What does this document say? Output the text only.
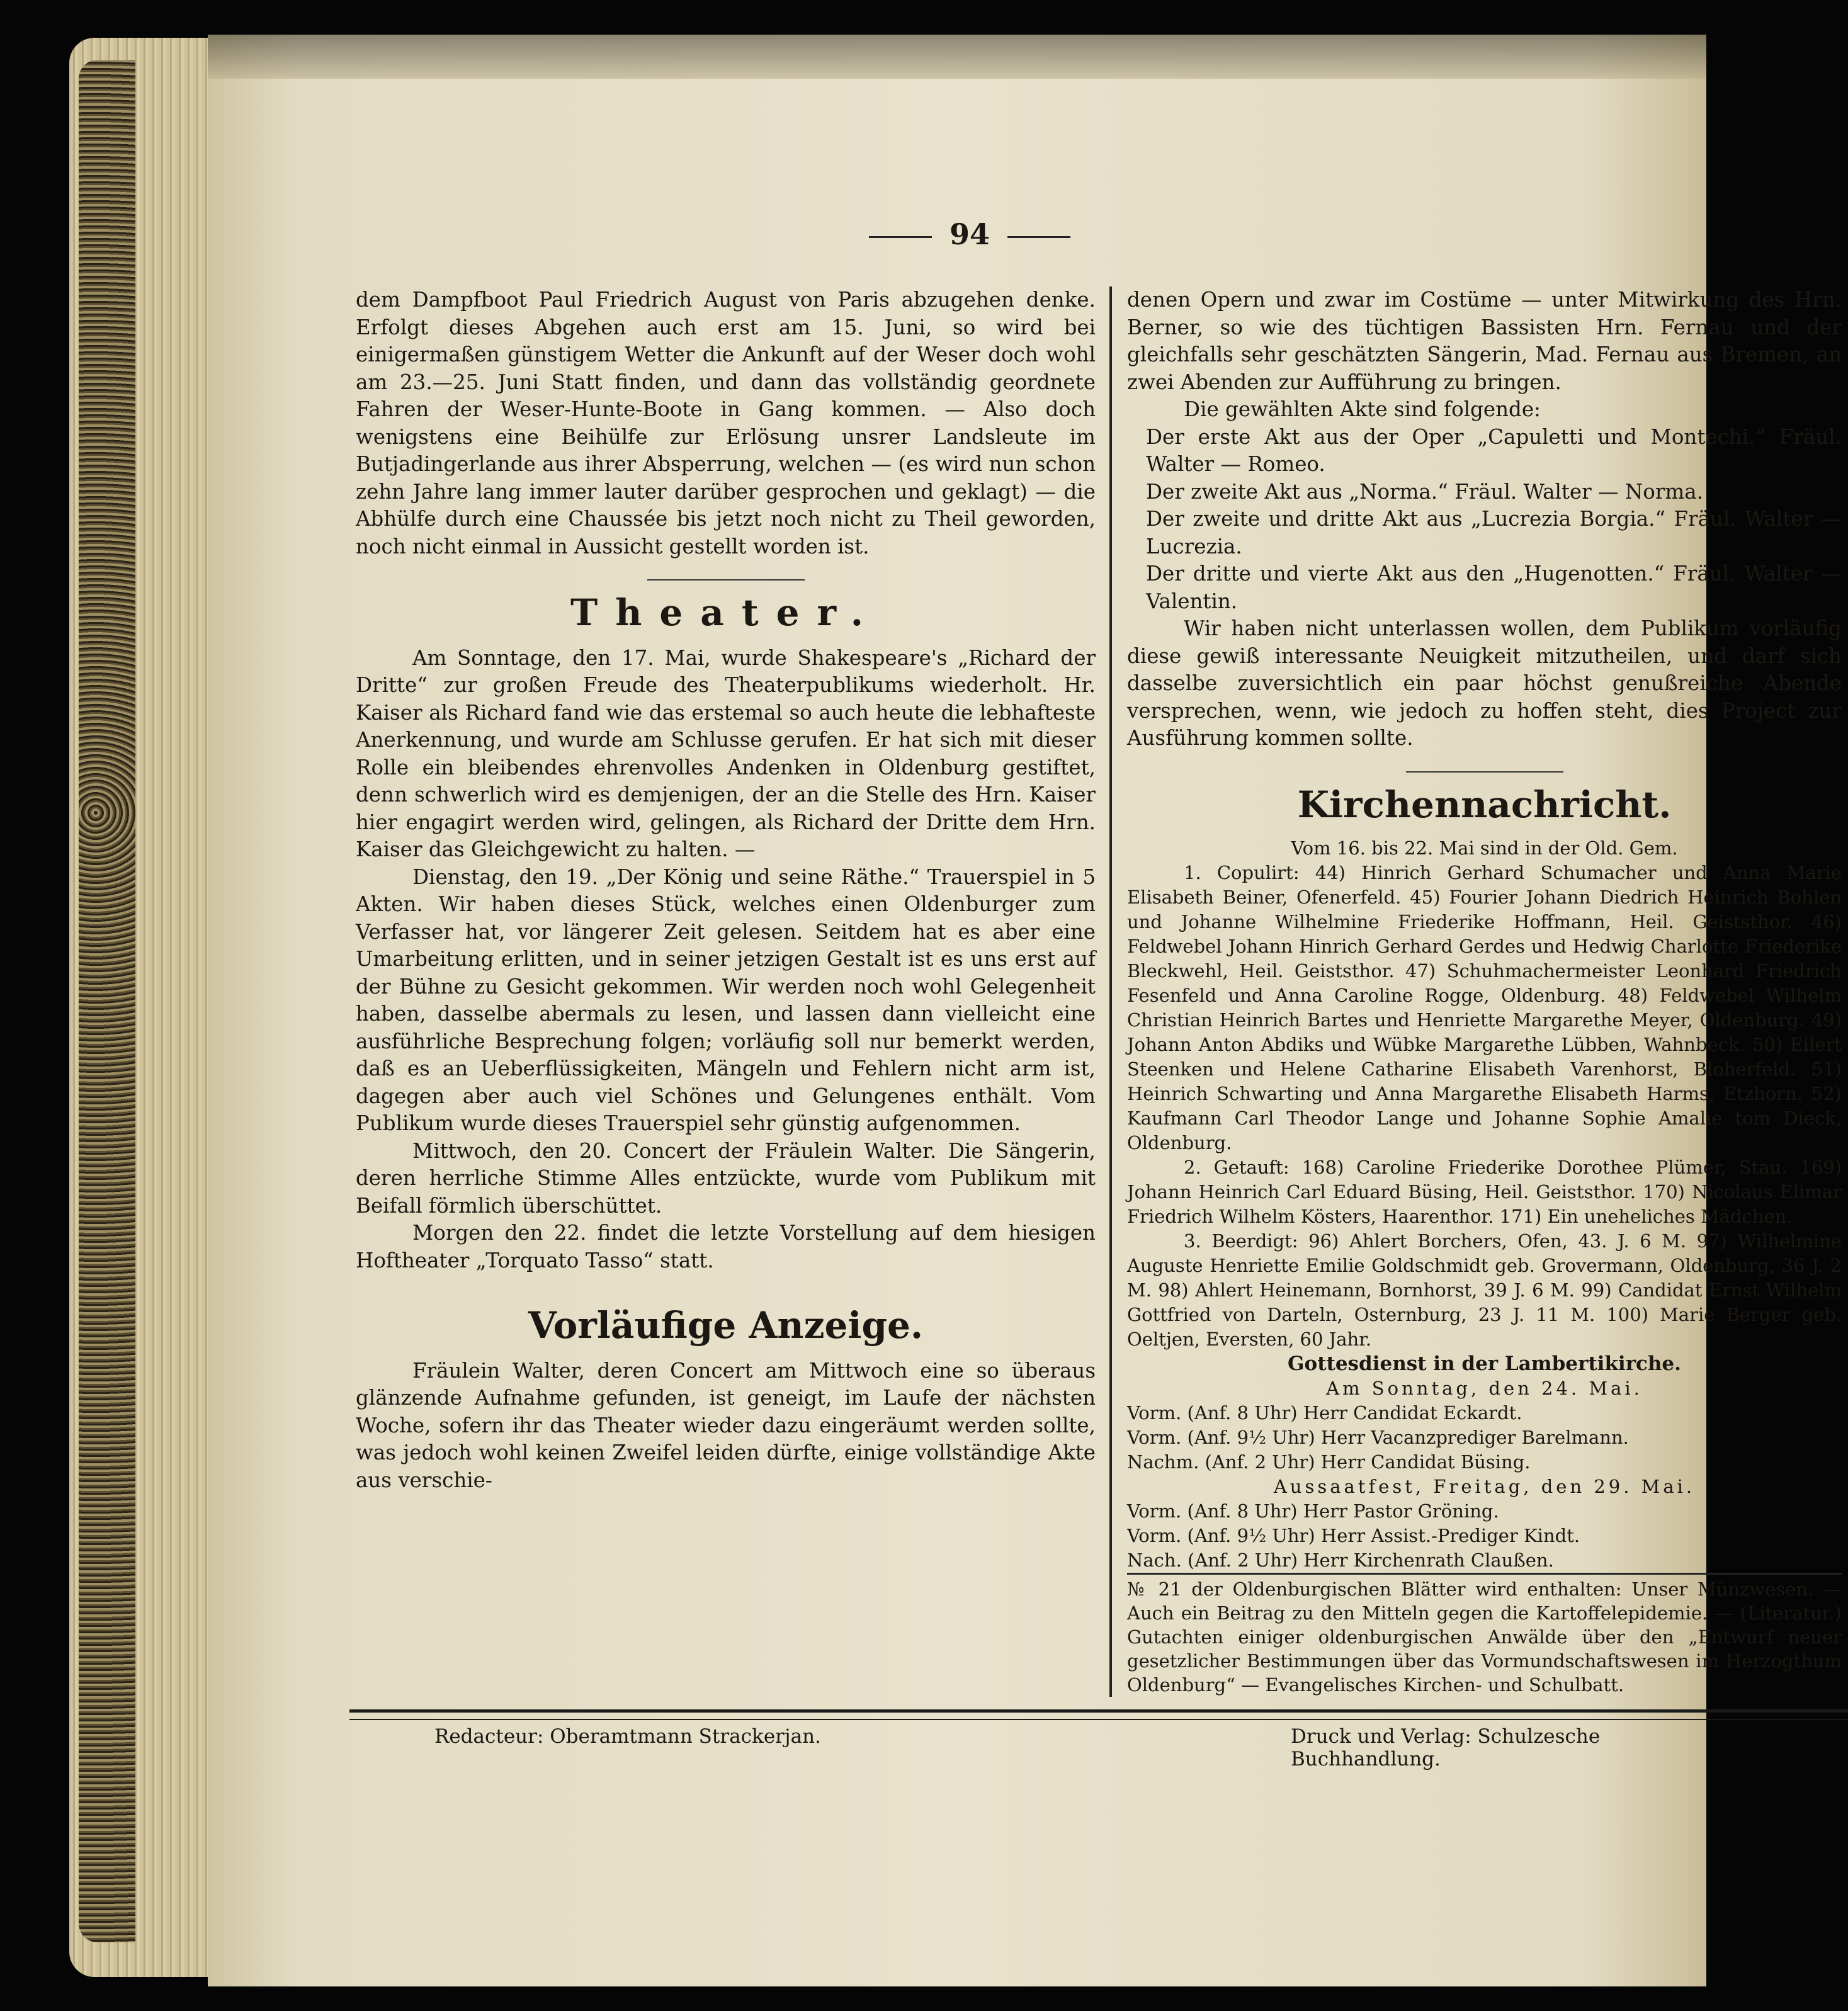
94

dem Dampfboot Paul Friedrich August von Paris abzugehen denke. Erfolgt dieses Abgehen auch erst am 15. Juni, so wird bei einigermaßen günstigem Wetter die Ankunft auf der Weser doch wohl am 23.—25. Juni Statt finden, und dann das vollständig geordnete Fahren der Weser-Hunte-Boote in Gang kommen. — Also doch wenigstens eine Beihülfe zur Erlösung unsrer Landsleute im Butjadingerlande aus ihrer Absperrung, welchen — (es wird nun schon zehn Jahre lang immer lauter darüber gesprochen und geklagt) — die Abhülfe durch eine Chaussée bis jetzt noch nicht zu Theil geworden, noch nicht einmal in Aussicht gestellt worden ist.

Theater.

Am Sonntage, den 17. Mai, wurde Shakespeare's „Richard der Dritte“ zur großen Freude des Theaterpublikums wiederholt. Hr. Kaiser als Richard fand wie das erstemal so auch heute die lebhafteste Anerkennung, und wurde am Schlusse gerufen. Er hat sich mit dieser Rolle ein bleibendes ehrenvolles Andenken in Oldenburg gestiftet, denn schwerlich wird es demjenigen, der an die Stelle des Hrn. Kaiser hier engagirt werden wird, gelingen, als Richard der Dritte dem Hrn. Kaiser das Gleichgewicht zu halten. —

Dienstag, den 19. „Der König und seine Räthe.“ Trauerspiel in 5 Akten. Wir haben dieses Stück, welches einen Oldenburger zum Verfasser hat, vor längerer Zeit gelesen. Seitdem hat es aber eine Umarbeitung erlitten, und in seiner jetzigen Gestalt ist es uns erst auf der Bühne zu Gesicht gekommen. Wir werden noch wohl Gelegenheit haben, dasselbe abermals zu lesen, und lassen dann vielleicht eine ausführliche Besprechung folgen; vorläufig soll nur bemerkt werden, daß es an Ueberflüssigkeiten, Mängeln und Fehlern nicht arm ist, dagegen aber auch viel Schönes und Gelungenes enthält. Vom Publikum wurde dieses Trauerspiel sehr günstig aufgenommen.

Mittwoch, den 20. Concert der Fräulein Walter. Die Sängerin, deren herrliche Stimme Alles entzückte, wurde vom Publikum mit Beifall förmlich überschüttet.

Morgen den 22. findet die letzte Vorstellung auf dem hiesigen Hoftheater „Torquato Tasso“ statt.

Vorläufige Anzeige.

Fräulein Walter, deren Concert am Mittwoch eine so überaus glänzende Aufnahme gefunden, ist geneigt, im Laufe der nächsten Woche, sofern ihr das Theater wieder dazu eingeräumt werden sollte, was jedoch wohl keinen Zweifel leiden dürfte, einige vollständige Akte aus verschie-

denen Opern und zwar im Costüme — unter Mitwirkung des Hrn. Berner, so wie des tüchtigen Bassisten Hrn. Fernau und der gleichfalls sehr geschätzten Sängerin, Mad. Fernau aus Bremen, an zwei Abenden zur Aufführung zu bringen.

Die gewählten Akte sind folgende:

Der erste Akt aus der Oper „Capuletti und Montechi.“ Fräul. Walter — Romeo.

Der zweite Akt aus „Norma.“ Fräul. Walter — Norma.

Der zweite und dritte Akt aus „Lucrezia Borgia.“ Fräul. Walter — Lucrezia.

Der dritte und vierte Akt aus den „Hugenotten.“ Fräul. Walter — Valentin.

Wir haben nicht unterlassen wollen, dem Publikum vorläufig diese gewiß interessante Neuigkeit mitzutheilen, und darf sich dasselbe zuversichtlich ein paar höchst genußreiche Abende versprechen, wenn, wie jedoch zu hoffen steht, dies Project zur Ausführung kommen sollte.

Kirchennachricht.

Vom 16. bis 22. Mai sind in der Old. Gem.

1. Copulirt: 44) Hinrich Gerhard Schumacher und Anna Marie Elisabeth Beiner, Ofenerfeld. 45) Fourier Johann Diedrich Heinrich Bohlen und Johanne Wilhelmine Friederike Hoffmann, Heil. Geiststhor. 46) Feldwebel Johann Hinrich Gerhard Gerdes und Hedwig Charlotte Friederike Bleckwehl, Heil. Geiststhor. 47) Schuhmachermeister Leonhard Friedrich Fesenfeld und Anna Caroline Rogge, Oldenburg. 48) Feldwebel Wilhelm Christian Heinrich Bartes und Henriette Margarethe Meyer, Oldenburg. 49) Johann Anton Abdiks und Wübke Margarethe Lübben, Wahnbeck. 50) Eilert Steenken und Helene Catharine Elisabeth Varenhorst, Bloherfeld. 51) Heinrich Schwarting und Anna Margarethe Elisabeth Harms, Etzhorn. 52) Kaufmann Carl Theodor Lange und Johanne Sophie Amalie tom Dieck, Oldenburg.

2. Getauft: 168) Caroline Friederike Dorothee Plümer, Stau. 169) Johann Heinrich Carl Eduard Büsing, Heil. Geiststhor. 170) Nicolaus Elimar Friedrich Wilhelm Kösters, Haarenthor. 171) Ein uneheliches Mädchen.

3. Beerdigt: 96) Ahlert Borchers, Ofen, 43. J. 6 M. 97) Wilhelmine Auguste Henriette Emilie Goldschmidt geb. Grovermann, Oldenburg, 36 J. 2 M. 98) Ahlert Heinemann, Bornhorst, 39 J. 6 M. 99) Candidat Ernst Wilhelm Gottfried von Darteln, Osternburg, 23 J. 11 M. 100) Marie Berger geb. Oeltjen, Eversten, 60 Jahr.

Gottesdienst in der Lambertikirche.

Am Sonntag, den 24. Mai.

Vorm. (Anf. 8 Uhr) Herr Candidat Eckardt.

Vorm. (Anf. 9½ Uhr) Herr Vacanzprediger Barelmann.

Nachm. (Anf. 2 Uhr) Herr Candidat Büsing.

Aussaatfest, Freitag, den 29. Mai.

Vorm. (Anf. 8 Uhr) Herr Pastor Gröning.

Vorm. (Anf. 9½ Uhr) Herr Assist.-Prediger Kindt.

Nach. (Anf. 2 Uhr) Herr Kirchenrath Claußen.

№ 21 der Oldenburgischen Blätter wird enthalten: Unser Münzwesen. — Auch ein Beitrag zu den Mitteln gegen die Kartoffelepidemie. — (Literatur.) Gutachten einiger oldenburgischen Anwälde über den „Entwurf neuer gesetzlicher Bestimmungen über das Vormundschaftswesen im Herzogthum Oldenburg“ — Evangelisches Kirchen- und Schulbatt.

Redacteur: Oberamtmann Strackerjan.	Druck und Verlag: Schulzesche Buchhandlung.
